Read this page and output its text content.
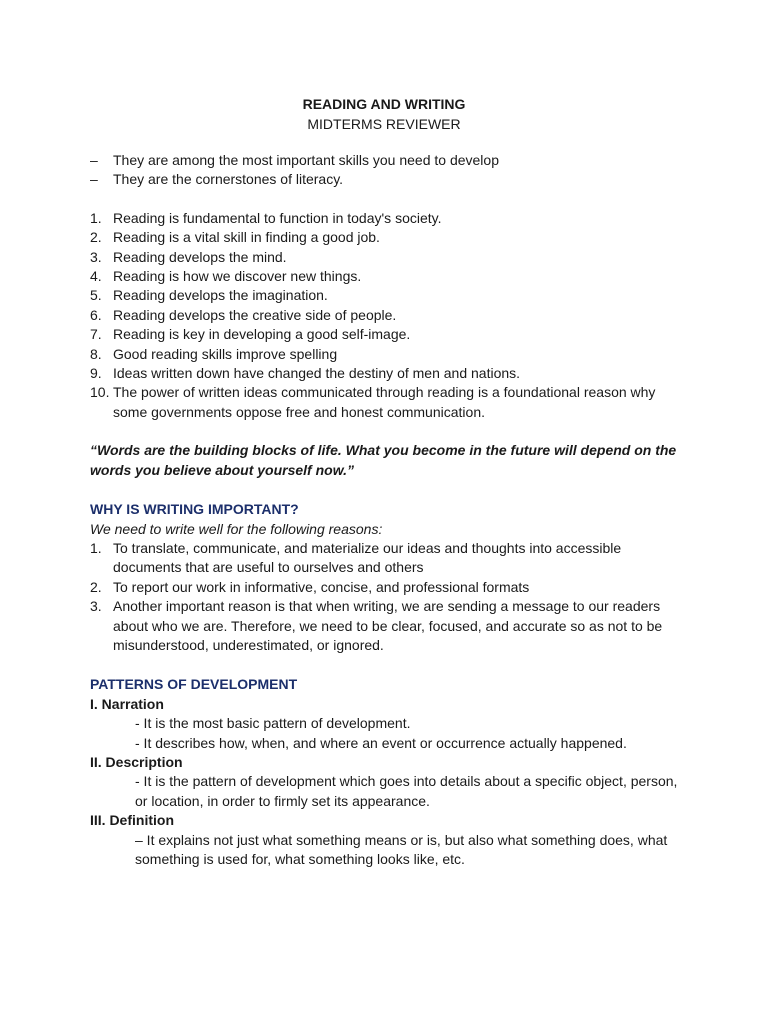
READING AND WRITING
MIDTERMS REVIEWER
–	They are among the most important skills you need to develop
–	They are the cornerstones of literacy.
1. Reading is fundamental to function in today's society.
2. Reading is a vital skill in finding a good job.
3. Reading develops the mind.
4. Reading is how we discover new things.
5. Reading develops the imagination.
6. Reading develops the creative side of people.
7. Reading is key in developing a good self-image.
8. Good reading skills improve spelling
9. Ideas written down have changed the destiny of men and nations.
10. The power of written ideas communicated through reading is a foundational reason why some governments oppose free and honest communication.
“Words are the building blocks of life. What you become in the future will depend on the words you believe about yourself now.”
WHY IS WRITING IMPORTANT?
We need to write well for the following reasons:
1. To translate, communicate, and materialize our ideas and thoughts into accessible documents that are useful to ourselves and others
2. To report our work in informative, concise, and professional formats
3. Another important reason is that when writing, we are sending a message to our readers about who we are. Therefore, we need to be clear, focused, and accurate so as not to be misunderstood, underestimated, or ignored.
PATTERNS OF DEVELOPMENT
I. Narration
- It is the most basic pattern of development.
- It describes how, when, and where an event or occurrence actually happened.
II. Description
- It is the pattern of development which goes into details about a specific object, person, or location, in order to firmly set its appearance.
III. Definition
– It explains not just what something means or is, but also what something does, what something is used for, what something looks like, etc.
